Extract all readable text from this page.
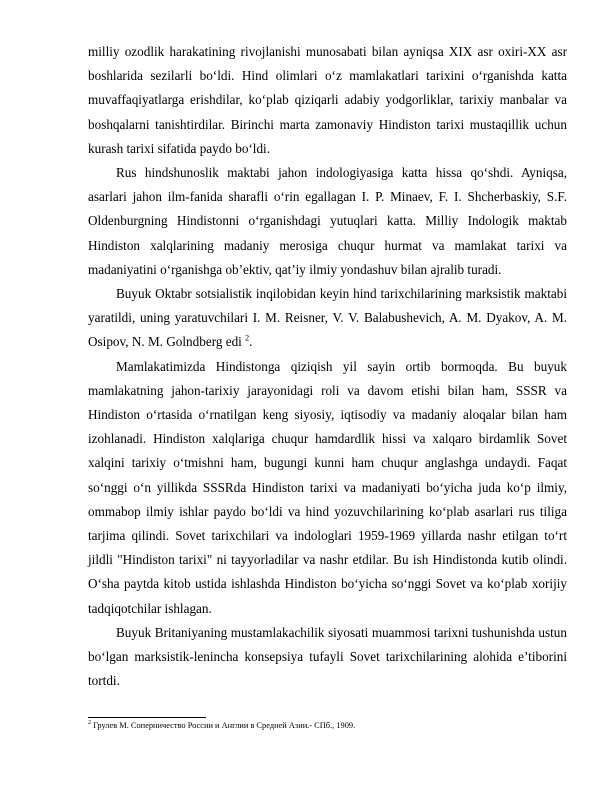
milliy ozodlik harakatining rivojlanishi munosabati bilan ayniqsa XIX asr oxiri-XX asr boshlarida sezilarli bo‘ldi. Hind olimlari o‘z mamlakatlari tarixini o‘rganishda katta muvaffaqiyatlarga erishdilar, ko‘plab qiziqarli adabiy yodgorliklar, tarixiy manbalar va boshqalarni tanishtirdilar. Birinchi marta zamonaviy Hindiston tarixi mustaqillik uchun kurash tarixi sifatida paydo bo‘ldi.

Rus hindshunoslik maktabi jahon indologiyasiga katta hissa qo‘shdi. Ayniqsa, asarlari jahon ilm-fanida sharafli o‘rin egallagan I. P. Minaev, F. I. Shcherbaskiy, S.F. Oldenburgning Hindistonni o‘rganishdagi yutuqlari katta. Milliy Indologik maktab Hindiston xalqlarining madaniy merosiga chuqur hurmat va mamlakat tarixi va madaniyatini o‘rganishga ob’ektiv, qat’iy ilmiy yondashuv bilan ajralib turadi.

Buyuk Oktabr sotsialistik inqilobidan keyin hind tarixchilarining marksistik maktabi yaratildi, uning yaratuvchilari I. M. Reisner, V. V. Balabushevich, A. M. Dyakov, A. M. Osipov, N. M. Golndberg edi $^2$.

Mamlakatimizda Hindistonga qiziqish yil sayin ortib bormoqda. Bu buyuk mamlakatning jahon-tarixiy jarayonidagi roli va davom etishi bilan ham, SSSR va Hindiston o‘rtasida o‘rnatilgan keng siyosiy, iqtisodiy va madaniy aloqalar bilan ham izohlanadi. Hindiston xalqlariga chuqur hamdardlik hissi va xalqaro birdamlik Sovet xalqini tarixiy o‘tmishni ham, bugungi kunni ham chuqur anglashga undaydi. Faqat so‘nggi o‘n yillikda SSSRda Hindiston tarixi va madaniyati bo‘yicha juda ko‘p ilmiy, ommabop ilmiy ishlar paydo bo‘ldi va hind yozuvchilarining ko‘plab asarlari rus tiliga tarjima qilindi. Sovet tarixchilari va indologlari 1959-1969 yillarda nashr etilgan to‘rt jildli "Hindiston tarixi" ni tayyorladilar va nashr etdilar. Bu ish Hindistonda kutib olindi. O‘sha paytda kitob ustida ishlashda Hindiston bo‘yicha so‘nggi Sovet va ko‘plab xorijiy tadqiqotchilar ishlagan.

Buyuk Britaniyaning mustamlakachilik siyosati muammosi tarixni tushunishda ustun bo‘lgan marksistik-lenincha konsepsiya tufayli Sovet tarixchilarining alohida e’tiborini tortdi.

$^2$ Грулев М. Соперничество России и Англии в Средней Азии.- СПб., 1909.
